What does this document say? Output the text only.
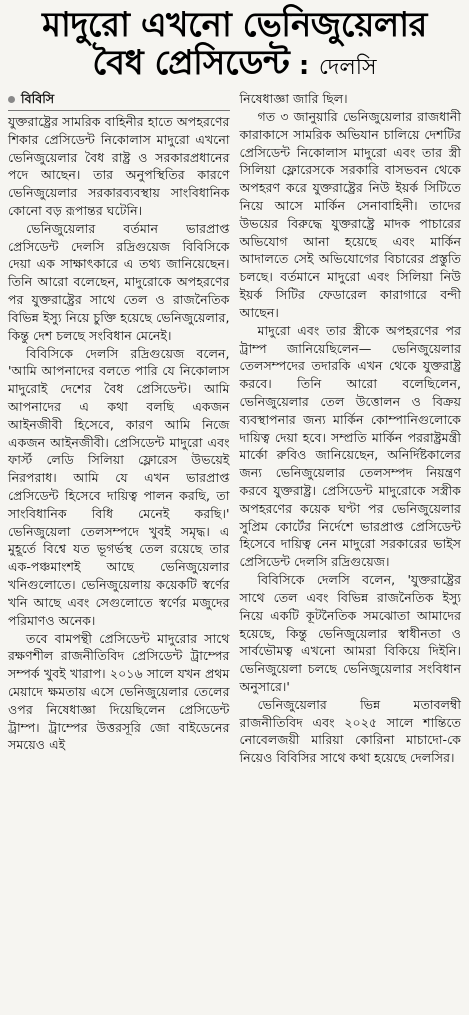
মাদুরো এখনো ভেনিজুয়েলার
বৈধ প্রেসিডেন্ট : দেলসি
বিবিসি

যুক্তরাষ্ট্রের সামরিক বাহিনীর হাতে অপহরণের শিকার প্রেসিডেন্ট নিকোলাস মাদুরো এখনো ভেনিজুয়েলার বৈধ রাষ্ট্র ও সরকারপ্রধানের পদে আছেন। তার অনুপস্থিতির কারণে ভেনিজুয়েলার সরকারব্যবস্থায় সাংবিধানিক কোনো বড় রূপান্তর ঘটেনি।

ভেনিজুয়েলার বর্তমান ভারপ্রাপ্ত প্রেসিডেন্ট দেলসি রদ্রিগুয়েজ বিবিসিকে দেয়া এক সাক্ষাৎকারে এ তথ্য জানিয়েছেন। তিনি আরো বলেছেন, মাদুরোকে অপহরণের পর যুক্তরাষ্ট্রের সাথে তেল ও রাজনৈতিক বিভিন্ন ইস্যু নিয়ে চুক্তি হয়েছে ভেনিজুয়েলার, কিন্তু দেশ চলছে সংবিধান মেনেই।

বিবিসিকে দেলসি রদ্রিগুয়েজ বলেন, 'আমি আপনাদের বলতে পারি যে নিকোলাস মাদুরোই দেশের বৈধ প্রেসিডেন্ট। আমি আপনাদের এ কথা বলছি একজন আইনজীবী হিসেবে, কারণ আমি নিজে একজন আইনজীবী। প্রেসিডেন্ট মাদুরো এবং ফার্স্ট লেডি সিলিয়া ফ্লোরেস উভয়েই নিরপরাধ। আমি যে এখন ভারপ্রাপ্ত প্রেসিডেন্ট হিসেবে দায়িত্ব পালন করছি, তা সাংবিধানিক বিধি মেনেই করছি।' ভেনিজুয়েলা তেলসম্পদে খুবই সমৃদ্ধ। এ মুহূর্তে বিশ্বে যত ভূগর্ভস্থ তেল রয়েছে তার এক-পঞ্চমাংশই আছে ভেনিজুয়েলার খনিগুলোতে। ভেনিজুয়েলায় কয়েকটি স্বর্ণের খনি আছে এবং সেগুলোতে স্বর্ণের মজুদের পরিমাণও অনেক।

তবে বামপন্থী প্রেসিডেন্ট মাদুরোর সাথে রক্ষণশীল রাজনীতিবিদ প্রেসিডেন্ট ট্রাম্পের সম্পর্ক খুবই খারাপ। ২০১৬ সালে যখন প্রথম মেয়াদে ক্ষমতায় এসে ভেনিজুয়েলার তেলের ওপর নিষেধাজ্ঞা দিয়েছিলেন প্রেসিডেন্ট ট্রাম্প। ট্রাম্পের উত্তরসূরি জো বাইডেনের সময়েও এই

নিষেধাজ্ঞা জারি ছিল।

গত ৩ জানুয়ারি ভেনিজুয়েলার রাজধানী কারাকাসে সামরিক অভিযান চালিয়ে দেশটির প্রেসিডেন্ট নিকোলাস মাদুরো এবং তার স্ত্রী সিলিয়া ফ্লোরেসকে সরকারি বাসভবন থেকে অপহরণ করে যুক্তরাষ্ট্রের নিউ ইয়র্ক সিটিতে নিয়ে আসে মার্কিন সেনাবাহিনী। তাদের উভয়ের বিরুদ্ধে যুক্তরাষ্ট্রে মাদক পাচারের অভিযোগ আনা হয়েছে এবং মার্কিন আদালতে সেই অভিযোগের বিচারের প্রস্তুতি চলছে। বর্তমানে মাদুরো এবং সিলিয়া নিউ ইয়র্ক সিটির ফেডারেল কারাগারে বন্দী আছেন।

মাদুরো এবং তার স্ত্রীকে অপহরণের পর ট্রাম্প জানিয়েছিলেন— ভেনিজুয়েলার তেলসম্পদের তদারকি এখন থেকে যুক্তরাষ্ট্র করবে। তিনি আরো বলেছিলেন, ভেনিজুয়েলার তেল উত্তোলন ও বিক্রয় ব্যবস্থাপনার জন্য মার্কিন কোম্পানিগুলোকে দায়িত্ব দেয়া হবে। সম্প্রতি মার্কিন পররাষ্ট্রমন্ত্রী মার্কো রুবিও জানিয়েছেন, অনির্দিষ্টকালের জন্য ভেনিজুয়েলার তেলসম্পদ নিয়ন্ত্রণ করবে যুক্তরাষ্ট্র। প্রেসিডেন্ট মাদুরোকে সস্ত্রীক অপহরণের কয়েক ঘণ্টা পর ভেনিজুয়েলার সুপ্রিম কোর্টের নির্দেশে ভারপ্রাপ্ত প্রেসিডেন্ট হিসেবে দায়িত্ব নেন মাদুরো সরকারের ভাইস প্রেসিডেন্ট দেলসি রদ্রিগুয়েজ।

বিবিসিকে দেলসি বলেন, 'যুক্তরাষ্ট্রের সাথে তেল এবং বিভিন্ন রাজনৈতিক ইস্যু নিয়ে একটি কূটনৈতিক সমঝোতা আমাদের হয়েছে, কিন্তু ভেনিজুয়েলার স্বাধীনতা ও সার্বভৌমত্ব এখনো আমরা বিকিয়ে দিইনি। ভেনিজুয়েলা চলছে ভেনিজুয়েলার সংবিধান অনুসারে।'

ভেনিজুয়েলার ভিন্ন মতাবলম্বী রাজনীতিবিদ এবং ২০২৫ সালে শান্তিতে নোবেলজয়ী মারিয়া কোরিনা মাচাদো-কে নিয়েও বিবিসির সাথে কথা হয়েছে দেলসির।
